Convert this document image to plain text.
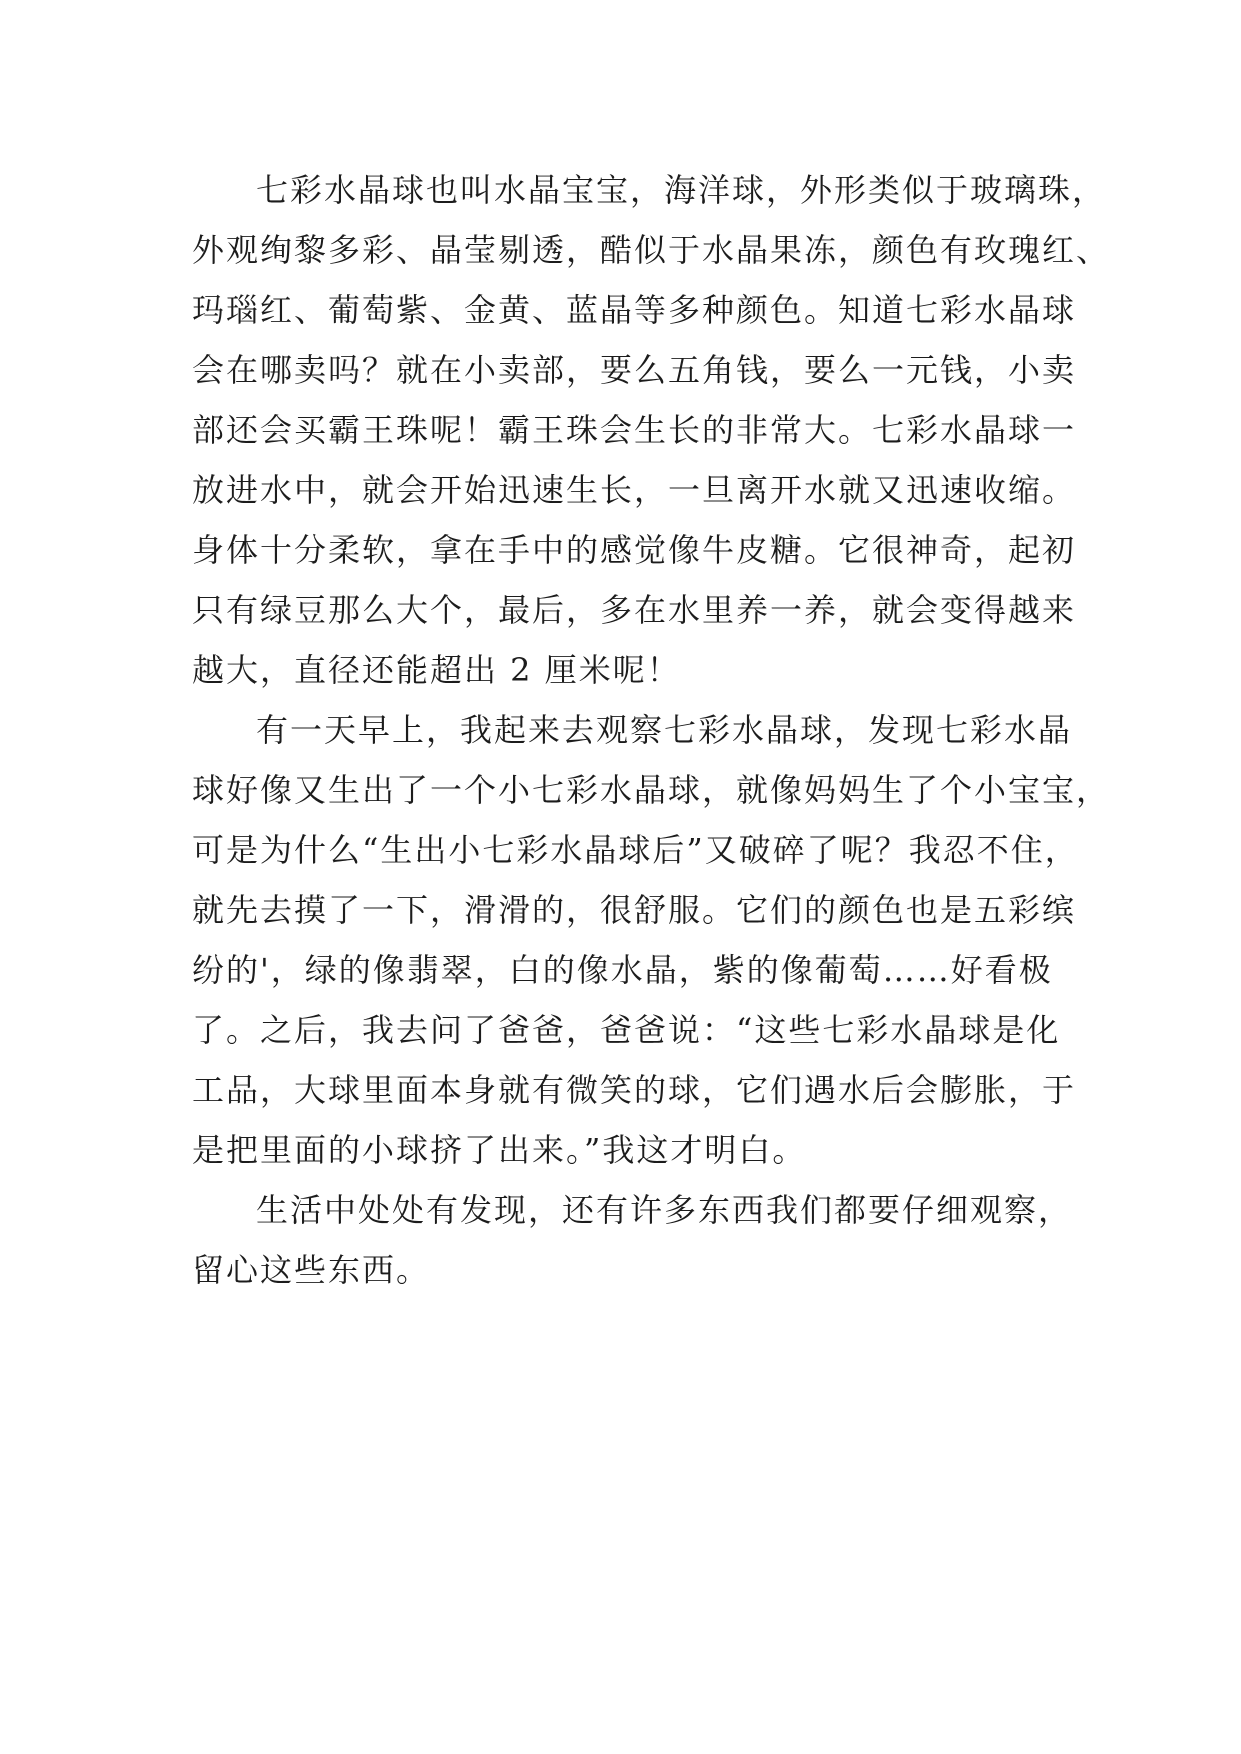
七彩水晶球也叫水晶宝宝，海洋球，外形类似于玻璃珠，
外观绚黎多彩、晶莹剔透，酷似于水晶果冻，颜色有玫瑰红、
玛瑙红、葡萄紫、金黄、蓝晶等多种颜色。知道七彩水晶球
会在哪卖吗？就在小卖部，要么五角钱，要么一元钱，小卖
部还会买霸王珠呢！霸王珠会生长的非常大。七彩水晶球一
放进水中，就会开始迅速生长，一旦离开水就又迅速收缩。
身体十分柔软，拿在手中的感觉像牛皮糖。它很神奇，起初
只有绿豆那么大个，最后，多在水里养一养，就会变得越来
越大，直径还能超出 2 厘米呢！
有一天早上，我起来去观察七彩水晶球，发现七彩水晶
球好像又生出了一个小七彩水晶球，就像妈妈生了个小宝宝，
可是为什么“生出小七彩水晶球后”又破碎了呢？我忍不住，
就先去摸了一下，滑滑的，很舒服。它们的颜色也是五彩缤
纷的'，绿的像翡翠，白的像水晶，紫的像葡萄……好看极
了。之后，我去问了爸爸，爸爸说：“这些七彩水晶球是化
工品，大球里面本身就有微笑的球，它们遇水后会膨胀，于
是把里面的小球挤了出来。”我这才明白。
生活中处处有发现，还有许多东西我们都要仔细观察，
留心这些东西。
